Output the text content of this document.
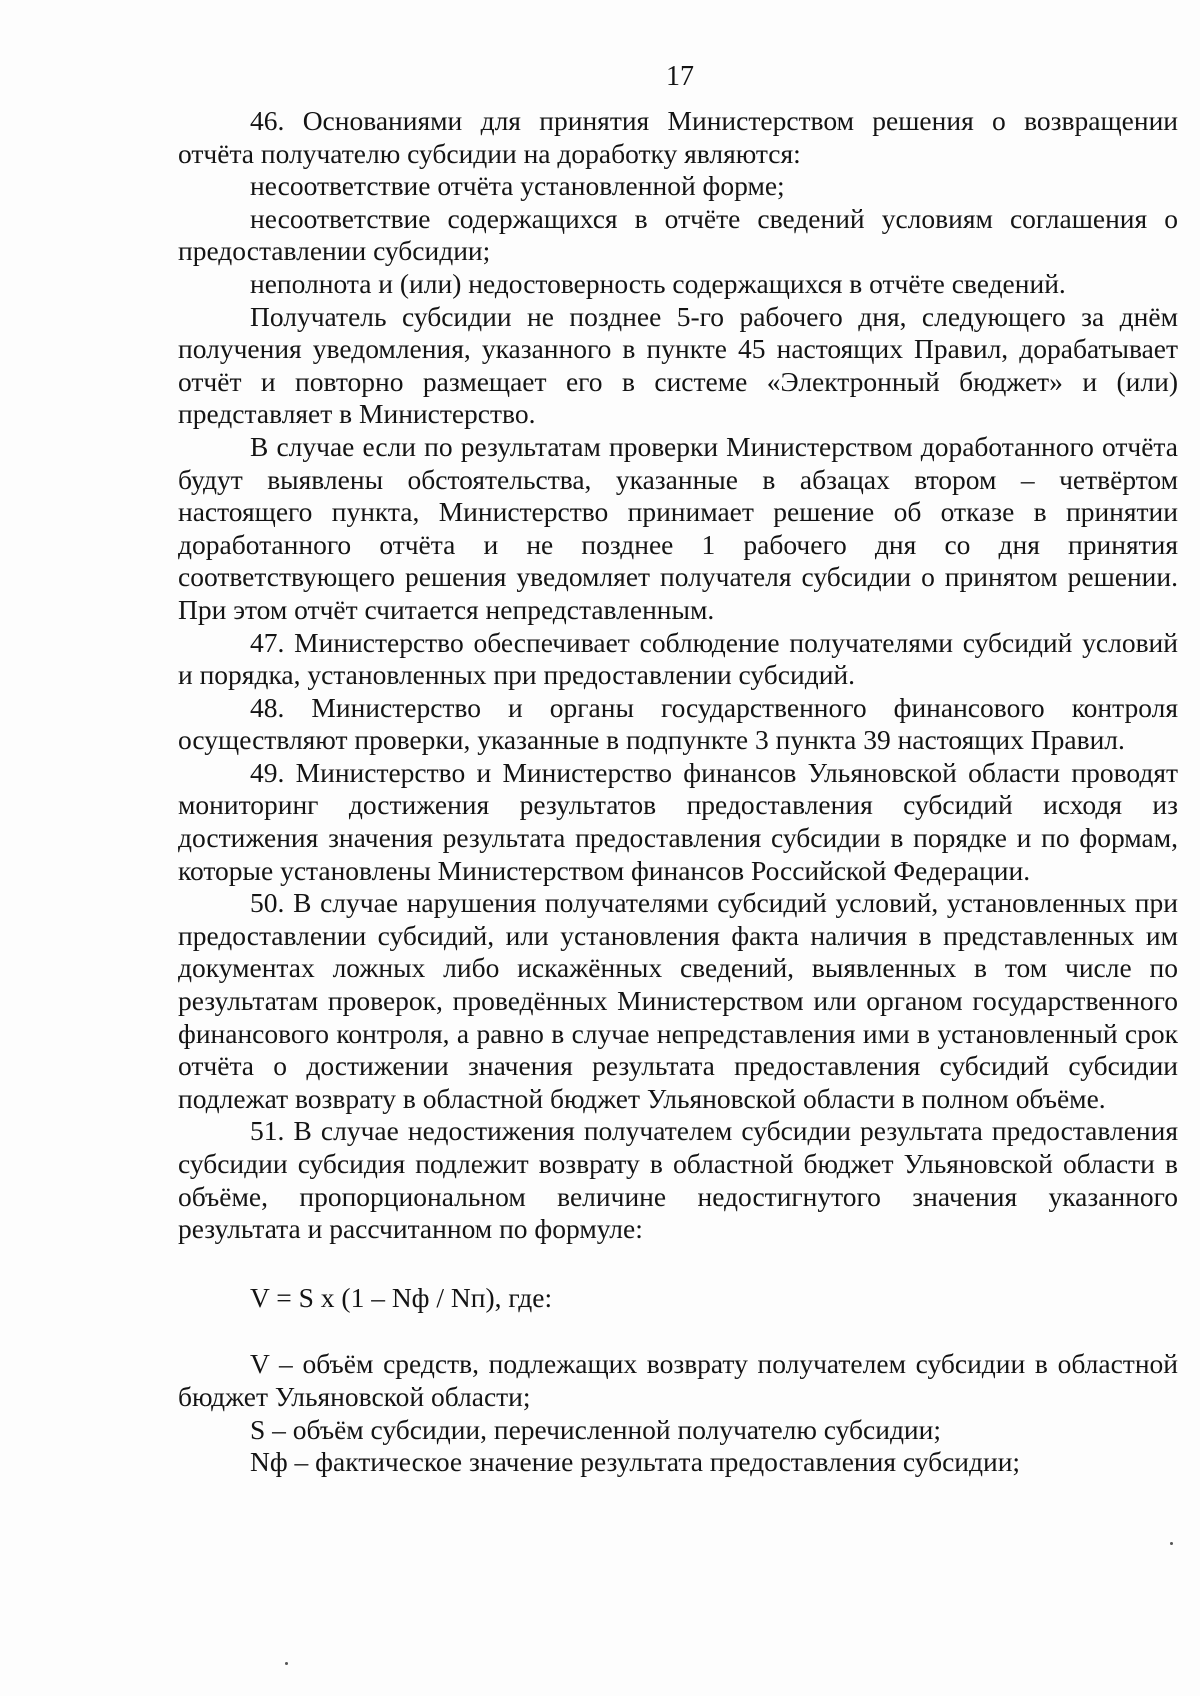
17

46. Основаниями для принятия Министерством решения о возвращении отчёта получателю субсидии на доработку являются:

несоответствие отчёта установленной форме;

несоответствие содержащихся в отчёте сведений условиям соглашения о предоставлении субсидии;

неполнота и (или) недостоверность содержащихся в отчёте сведений.

Получатель субсидии не позднее 5-го рабочего дня, следующего за днём получения уведомления, указанного в пункте 45 настоящих Правил, дорабатывает отчёт и повторно размещает его в системе «Электронный бюджет» и (или) представляет в Министерство.

В случае если по результатам проверки Министерством доработанного отчёта будут выявлены обстоятельства, указанные в абзацах втором – четвёртом настоящего пункта, Министерство принимает решение об отказе в принятии доработанного отчёта и не позднее 1 рабочего дня со дня принятия соответствующего решения уведомляет получателя субсидии о принятом решении. При этом отчёт считается непредставленным.

47. Министерство обеспечивает соблюдение получателями субсидий условий и порядка, установленных при предоставлении субсидий.

48. Министерство и органы государственного финансового контроля осуществляют проверки, указанные в подпункте 3 пункта 39 настоящих Правил.

49. Министерство и Министерство финансов Ульяновской области проводят мониторинг достижения результатов предоставления субсидий исходя из достижения значения результата предоставления субсидии в порядке и по формам, которые установлены Министерством финансов Российской Федерации.

50. В случае нарушения получателями субсидий условий, установленных при предоставлении субсидий, или установления факта наличия в представленных им документах ложных либо искажённых сведений, выявленных в том числе по результатам проверок, проведённых Министерством или органом государственного финансового контроля, а равно в случае непредставления ими в установленный срок отчёта о достижении значения результата предоставления субсидий субсидии подлежат возврату в областной бюджет Ульяновской области в полном объёме.

51. В случае недостижения получателем субсидии результата предоставления субсидии субсидия подлежит возврату в областной бюджет Ульяновской области в объёме, пропорциональном величине недостигнутого значения указанного результата и рассчитанном по формуле:

V = S x (1 – Nф / Nп), где:

V – объём средств, подлежащих возврату получателем субсидии в областной бюджет Ульяновской области;

S – объём субсидии, перечисленной получателю субсидии;

Nф – фактическое значение результата предоставления субсидии;
